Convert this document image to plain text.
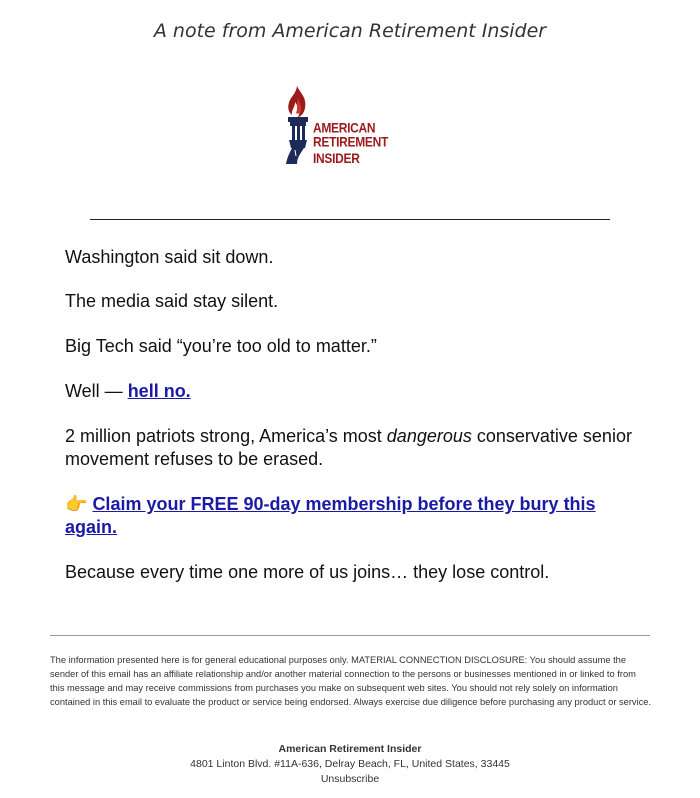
A note from American Retirement Insider
AMERICAN
RETIREMENT INSIDER

Washington said sit down.

The media said stay silent.

Big Tech said “you’re too old to matter.”

Well — hell no.

2 million patriots strong, America’s most dangerous conservative senior movement refuses to be erased.

👉 Claim your FREE 90-day membership before they bury this again.

Because every time one more of us joins… they lose control.

The information presented here is for general educational purposes only. MATERIAL CONNECTION DISCLOSURE: You should assume the sender of this email has an affiliate relationship and/or another material connection to the persons or businesses mentioned in or linked to from this message and may receive commissions from purchases you make on subsequent web sites. You should not rely solely on information contained in this email to evaluate the product or service being endorsed. Always exercise due diligence before purchasing any product or service.
American Retirement Insider
4801 Linton Blvd. #11A-636, Delray Beach, FL, United States, 33445
Unsubscribe
